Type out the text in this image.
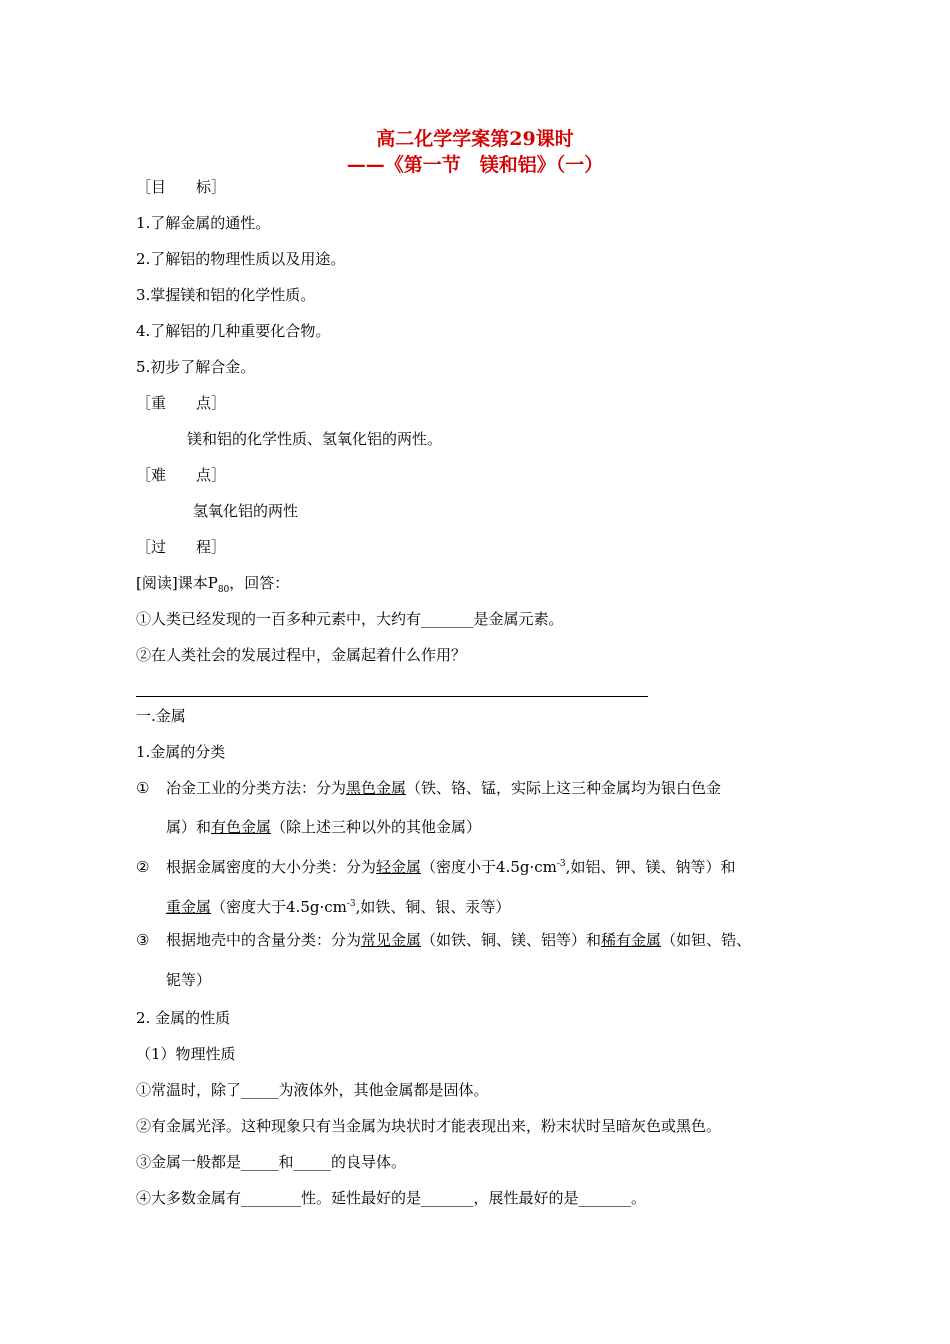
高二化学学案第29课时
——《第一节　镁和铝》（一）
［目　　标］
1.了解金属的通性。
2.了解铝的物理性质以及用途。
3.掌握镁和铝的化学性质。
4.了解铝的几种重要化合物。
5.初步了解合金。
［重　　点］
镁和铝的化学性质、氢氧化铝的两性。
［难　　点］
氢氧化铝的两性
［过　　程］
[阅读]课本$P_{80}$，回答：
①人类已经发现的一百多种元素中，大约有_______是金属元素。
②在人类社会的发展过程中，金属起着什么作用？
一.金属
1.金属的分类
① 冶金工业的分类方法：分为黑色金属（铁、铬、锰，实际上这三种金属均为银白色金
属）和有色金属（除上述三种以外的其他金属）
② 根据金属密度的大小分类：分为轻金属（密度小于$4.5g\cdot cm^{-3}$,如铝、钾、镁、钠等）和
重金属（密度大于$4.5g\cdot cm^{-3}$,如铁、铜、银、汞等）
③ 根据地壳中的含量分类：分为常见金属（如铁、铜、镁、铝等）和稀有金属（如钽、锆、
铌等）
2. 金属的性质
（1）物理性质
①常温时，除了_____为液体外，其他金属都是固体。
②有金属光泽。这种现象只有当金属为块状时才能表现出来，粉末状时呈暗灰色或黑色。
③金属一般都是_____和_____的良导体。
④大多数金属有________性。延性最好的是_______，展性最好的是_______。
